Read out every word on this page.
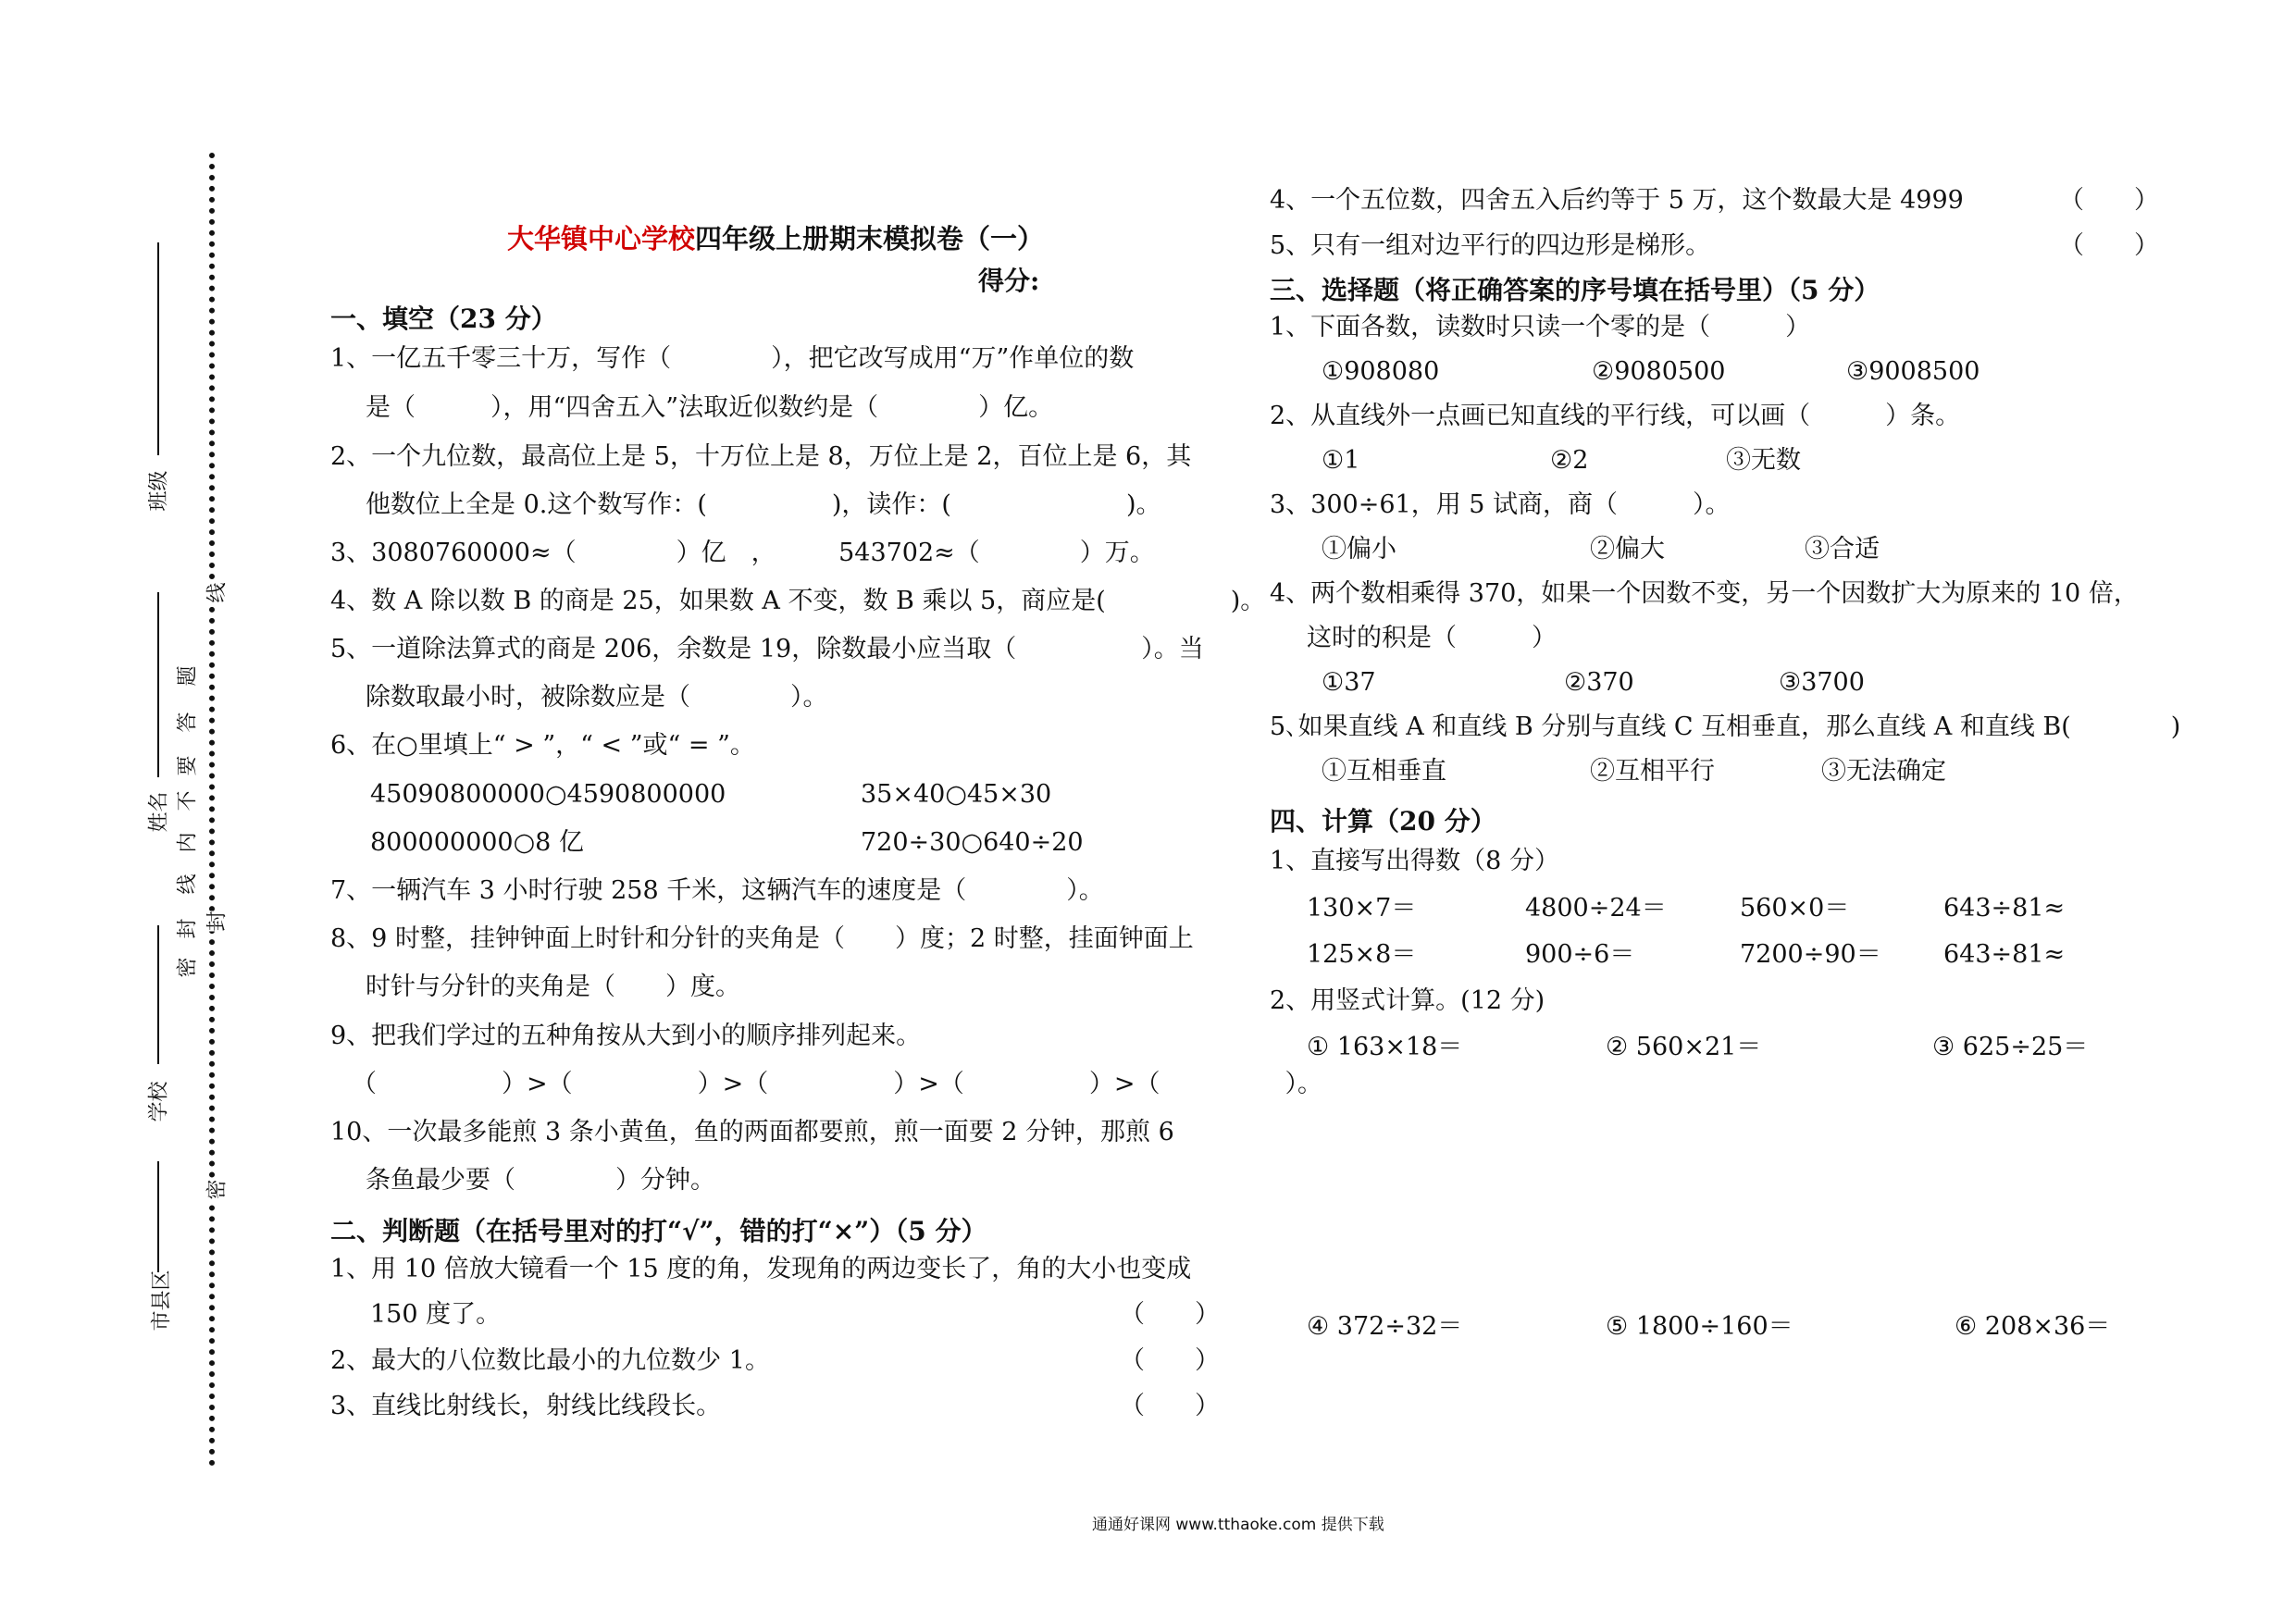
班级
姓名
学校
市县区
题
答
要
不
内
线
封
密
线
封
密
大华镇中心学校四年级上册期末模拟卷（一）
得分:
一、填空（23 分）
1、一亿五千零三十万，写作（　　　　），把它改写成用“万”作单位的数
是（　　　），用“四舍五入”法取近似数约是（　　　　）亿。
2、一个九位数，最高位上是 5，十万位上是 8，万位上是 2，百位上是 6，其
他数位上全是 0.这个数写作：(　　　　　)，读作：(　　　　　　　)。
3、3080760000≈（　　　　）亿　，　　　543702≈（　　　　）万。
4、数 A 除以数 B 的商是 25，如果数 A 不变，数 B 乘以 5，商应是(　　　　　)。
5、一道除法算式的商是 206，余数是 19，除数最小应当取（　　　　　）。当
除数取最小时，被除数应是（　　　　）。
6、在○里填上“ > ”，“ < ”或“ = ”。
45090800000○4590800000	35×40○45×30
800000000○8 亿	720÷30○640÷20
7、一辆汽车 3 小时行驶 258 千米，这辆汽车的速度是（　　　　）。
8、9 时整，挂钟钟面上时针和分针的夹角是（　　）度；2 时整，挂面钟面上
时针与分针的夹角是（　　）度。
9、把我们学过的五种角按从大到小的顺序排列起来。
（　　　　　）>（　　　　　）>（　　　　　）>（　　　　　）>（　　　　　）。
10、一次最多能煎 3 条小黄鱼，鱼的两面都要煎，煎一面要 2 分钟，那煎 6
条鱼最少要（　　　　）分钟。
二、判断题（在括号里对的打“√”，错的打“×”）（5 分）
1、用 10 倍放大镜看一个 15 度的角，发现角的两边变长了，角的大小也变成
150 度了。	（　　）
2、最大的八位数比最小的九位数少 1。	（　　）
3、直线比射线长，射线比线段长。	（　　）
4、一个五位数，四舍五入后约等于 5 万，这个数最大是 4999	（　　）
5、只有一组对边平行的四边形是梯形。	（　　）
三、选择题（将正确答案的序号填在括号里）（5 分）
1、下面各数，读数时只读一个零的是（　　　）
①908080	②9080500	③9008500
2、从直线外一点画已知直线的平行线，可以画（　　　）条。
①1	②2	③无数
3、300÷61，用 5 试商，商（　　　）。
①偏小	②偏大	③合适
4、两个数相乘得 370，如果一个因数不变，另一个因数扩大为原来的 10 倍，
这时的积是（　　　）
①37	②370	③3700
5､如果直线 A 和直线 B 分别与直线 C 互相垂直，那么直线 A 和直线 B(　　　　)
①互相垂直	②互相平行	③无法确定
四、计算（20 分）
1、直接写出得数（8 分）
130×7＝	4800÷24＝	560×0＝	643÷81≈
125×8＝	900÷6＝	7200÷90＝ 643÷81≈
2、用竖式计算。(12 分)
① 163×18＝	② 560×21＝	③ 625÷25＝
④ 372÷32＝	⑤ 1800÷160＝	⑥ 208×36＝
通通好课网 www.tthaoke.com 提供下载
